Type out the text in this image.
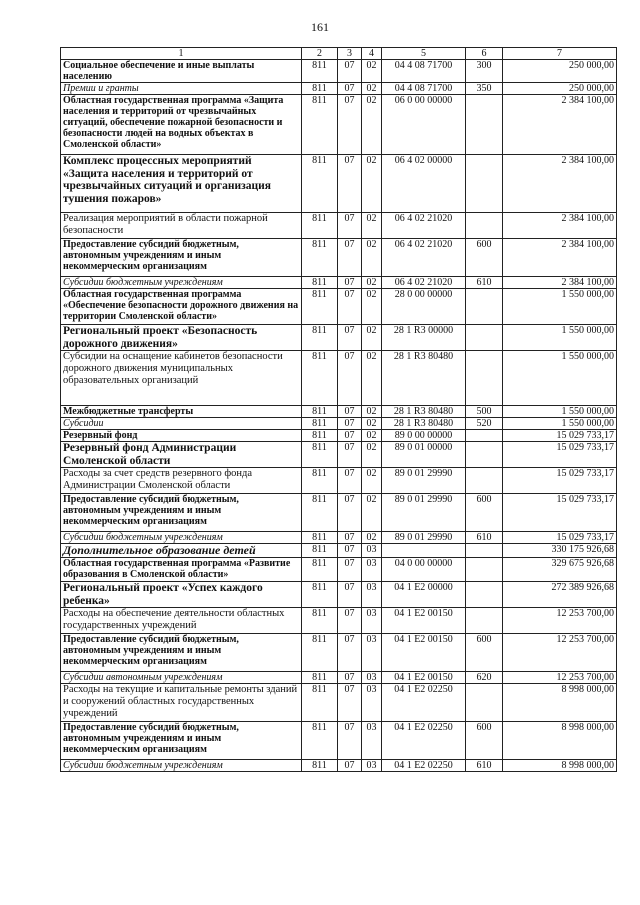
161
1	2	3	4	5	6	7
Социальное обеспечение и иные выплаты населению	811	07	02	04 4 08 71700	300	250 000,00
Премии и гранты	811	07	02	04 4 08 71700	350	250 000,00
Областная государственная программа «Защита населения и территорий от чрезвычайных ситуаций, обеспечение пожарной безопасности и безопасности людей на водных объектах в Смоленской области»	811	07	02	06 0 00 00000		2 384 100,00
Комплекс процессных мероприятий «Защита населения и территорий от чрезвычайных ситуаций и организация тушения пожаров»	811	07	02	06 4 02 00000		2 384 100,00
Реализация мероприятий в области пожарной безопасности	811	07	02	06 4 02 21020		2 384 100,00
Предоставление субсидий бюджетным, автономным учреждениям и иным некоммерческим организациям	811	07	02	06 4 02 21020	600	2 384 100,00
Субсидии бюджетным учреждениям	811	07	02	06 4 02 21020	610	2 384 100,00
Областная государственная программа «Обеспечение безопасности дорожного движения на территории Смоленской области»	811	07	02	28 0 00 00000		1 550 000,00
Региональный проект «Безопасность дорожного движения»	811	07	02	28 1 R3 00000		1 550 000,00
Субсидии на оснащение кабинетов безопасности дорожного движения муниципальных образовательных организаций	811	07	02	28 1 R3 80480		1 550 000,00
Межбюджетные трансферты	811	07	02	28 1 R3 80480	500	1 550 000,00
Субсидии	811	07	02	28 1 R3 80480	520	1 550 000,00
Резервный фонд	811	07	02	89 0 00 00000		15 029 733,17
Резервный фонд Администрации Смоленской области	811	07	02	89 0 01 00000		15 029 733,17
Расходы за счет средств резервного фонда Администрации Смоленской области	811	07	02	89 0 01 29990		15 029 733,17
Предоставление субсидий бюджетным, автономным учреждениям и иным некоммерческим организациям	811	07	02	89 0 01 29990	600	15 029 733,17
Субсидии бюджетным учреждениям	811	07	02	89 0 01 29990	610	15 029 733,17
Дополнительное образование детей	811	07	03			330 175 926,68
Областная государственная программа «Развитие образования в Смоленской области»	811	07	03	04 0 00 00000		329 675 926,68
Региональный проект «Успех каждого ребенка»	811	07	03	04 1 E2 00000		272 389 926,68
Расходы на обеспечение деятельности областных государственных учреждений	811	07	03	04 1 E2 00150		12 253 700,00
Предоставление субсидий бюджетным, автономным учреждениям и иным некоммерческим организациям	811	07	03	04 1 E2 00150	600	12 253 700,00
Субсидии автономным учреждениям	811	07	03	04 1 E2 00150	620	12 253 700,00
Расходы на текущие и капитальные ремонты зданий и сооружений областных государственных учреждений	811	07	03	04 1 E2 02250		8 998 000,00
Предоставление субсидий бюджетным, автономным учреждениям и иным некоммерческим организациям	811	07	03	04 1 E2 02250	600	8 998 000,00
Субсидии бюджетным учреждениям	811	07	03	04 1 E2 02250	610	8 998 000,00
